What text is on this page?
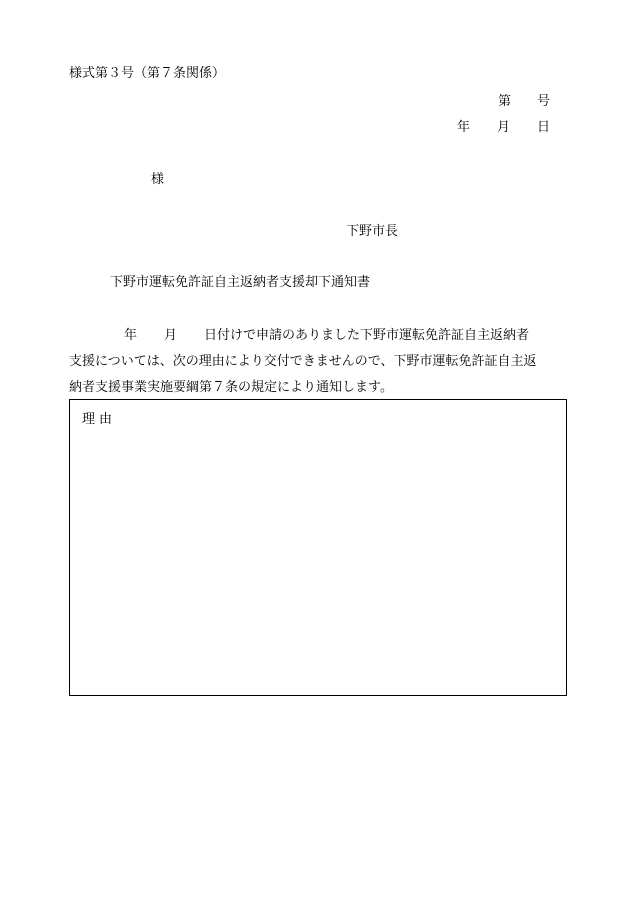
様式第３号（第７条関係）
第 号
年 月 日
様
下野市長
下野市運転免許証自主返納者支援却下通知書
年 月 日付けで申請のありました下野市運転免許証自主返納者
支援については、次の理由により交付できませんので、下野市運転免許証自主返
納者支援事業実施要綱第７条の規定により通知します。
理由
